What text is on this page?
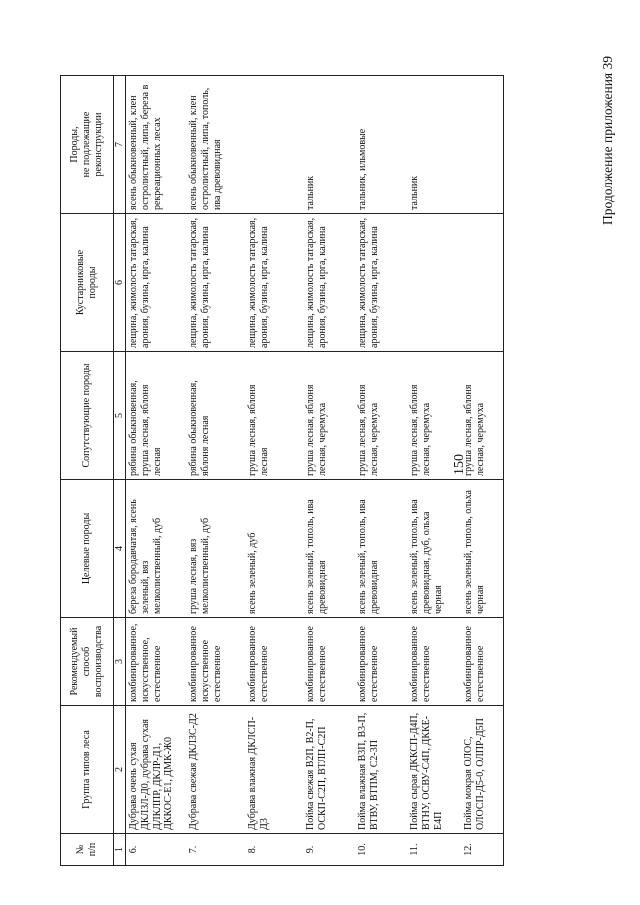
150
Продолжение приложения 39
№
п/п	Группа типов леса	Рекомендуемый
способ
воспроизводства	Целевые породы	Сопутствующие породы	Кустарниковые
породы	Породы,
не подлежащие
реконструкции
1	2	3	4	5	6	7
6.	Дубрава очень сухая ДКЛЗЛ-Д0, дубрава сухая ДЛКЛПР, ДКЛР-Д1, ДККОС-Е1, ДМК-Ж0	комбинированное, искусственное, естественное	береза бородавчатая, ясень зеленый, вяз мелколиственный, дуб	рябина обыкновенная, груша лесная, яблоня лесная	лещина, жимолость татарская, арония, бузина, ирга, калина	ясень обыкновенный, клен остролистный, липа, береза в рекреационных лесах
7.	Дубрава свежая ДКЛЗС-Д2	комбинированное искусственное естественное	груша лесная, вяз мелколиственный, дуб	рябина обыкновенная, яблоня лесная	лещина, жимолость татарская, арония, бузина, ирга, калина	ясень обыкновенный, клен остролистный, липа, тополь, ива древовидная
8.	Дубрава влажная ДКЛСП-Д3	комбинированное естественное	ясень зеленый, дуб	груша лесная, яблоня лесная	лещина, жимолость татарская, арония, бузина, ирга, калина	
9.	Пойма свежая В2П, В2-П, ОСКП-С2П, ВТЛП-С2П	комбинированное естественное	ясень зеленый, тополь, ива древовидная	груша лесная, яблоня лесная, черемуха	лещина, жимолость татарская, арония, бузина, ирга, калина	тальник
10.	Пойма влажная В3П, В3-П, ВТВУ, ВТПМ, С2-3П	комбинированное естественное	ясень зеленый, тополь, ива древовидная	груша лесная, яблоня лесная, черемуха	лещина, жимолость татарская, арония, бузина, ирга, калина	тальник, ильмовые
11.	Пойма сырая ДККСП-Д4П, ВТНУ, ОСВУ-С4П, ДККЕ-Е4П	комбинированное естественное	ясень зеленый, тополь, ива древовидная, дуб, ольха черная	груша лесная, яблоня лесная, черемуха		тальник
12.	Пойма мокрая ОЛОС, ОЛОСП-Д5-0, ОЛПР-Д5П	комбинированное естественное	ясень зеленый, тополь, ольха черная	груша лесная, яблоня лесная, черемуха		
